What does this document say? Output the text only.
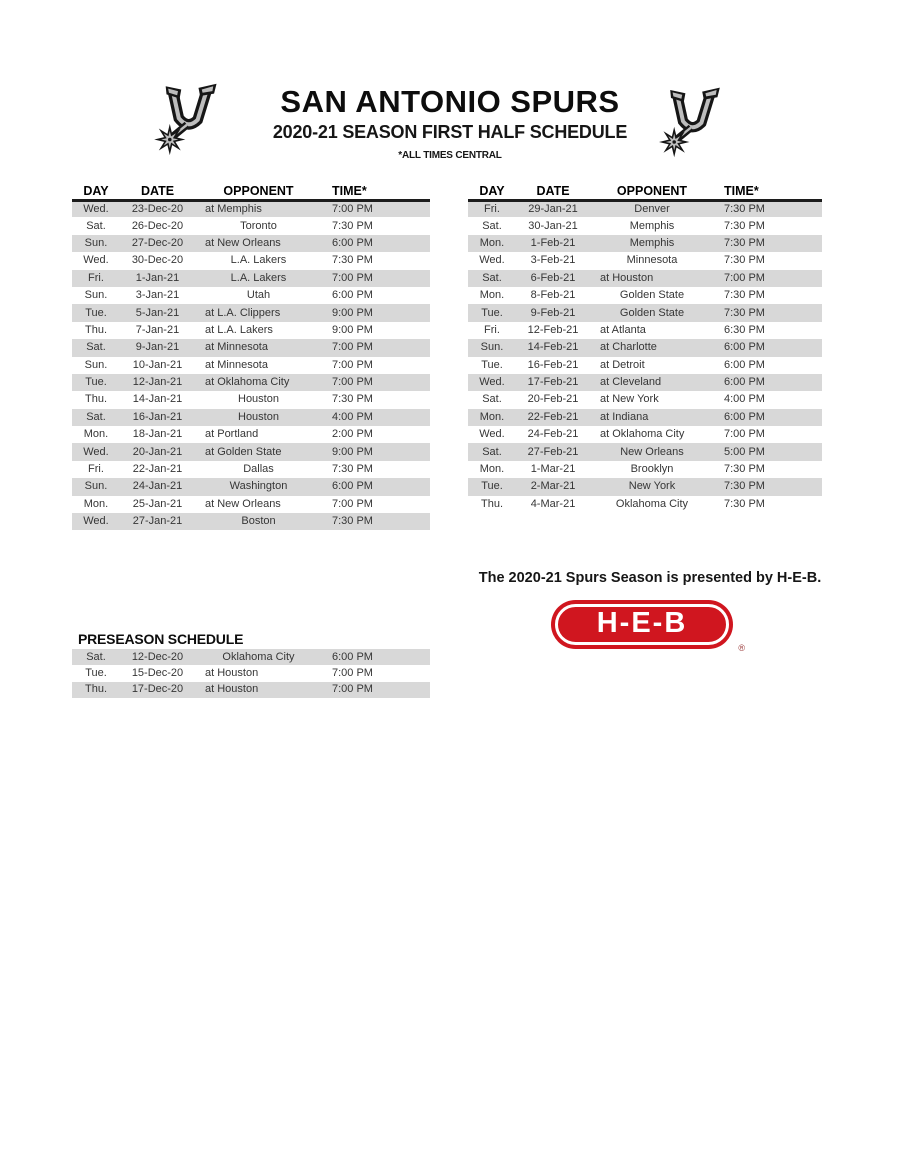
SAN ANTONIO SPURS
2020-21 SEASON FIRST HALF SCHEDULE
*ALL TIMES CENTRAL
DAY	DATE	OPPONENT	TIME*
Wed.	23-Dec-20	at Memphis	7:00 PM
Sat.	26-Dec-20	Toronto	7:30 PM
Sun.	27-Dec-20	at New Orleans	6:00 PM
Wed.	30-Dec-20	L.A. Lakers	7:30 PM
Fri.	1-Jan-21	L.A. Lakers	7:00 PM
Sun.	3-Jan-21	Utah	6:00 PM
Tue.	5-Jan-21	at L.A. Clippers	9:00 PM
Thu.	7-Jan-21	at L.A. Lakers	9:00 PM
Sat.	9-Jan-21	at Minnesota	7:00 PM
Sun.	10-Jan-21	at Minnesota	7:00 PM
Tue.	12-Jan-21	at Oklahoma City	7:00 PM
Thu.	14-Jan-21	Houston	7:30 PM
Sat.	16-Jan-21	Houston	4:00 PM
Mon.	18-Jan-21	at Portland	2:00 PM
Wed.	20-Jan-21	at Golden State	9:00 PM
Fri.	22-Jan-21	Dallas	7:30 PM
Sun.	24-Jan-21	Washington	6:00 PM
Mon.	25-Jan-21	at New Orleans	7:00 PM
Wed.	27-Jan-21	Boston	7:30 PM
DAY	DATE	OPPONENT	TIME*
Fri.	29-Jan-21	Denver	7:30 PM
Sat.	30-Jan-21	Memphis	7:30 PM
Mon.	1-Feb-21	Memphis	7:30 PM
Wed.	3-Feb-21	Minnesota	7:30 PM
Sat.	6-Feb-21	at Houston	7:00 PM
Mon.	8-Feb-21	Golden State	7:30 PM
Tue.	9-Feb-21	Golden State	7:30 PM
Fri.	12-Feb-21	at Atlanta	6:30 PM
Sun.	14-Feb-21	at Charlotte	6:00 PM
Tue.	16-Feb-21	at Detroit	6:00 PM
Wed.	17-Feb-21	at Cleveland	6:00 PM
Sat.	20-Feb-21	at New York	4:00 PM
Mon.	22-Feb-21	at Indiana	6:00 PM
Wed.	24-Feb-21	at Oklahoma City	7:00 PM
Sat.	27-Feb-21	New Orleans	5:00 PM
Mon.	1-Mar-21	Brooklyn	7:30 PM
Tue.	2-Mar-21	New York	7:30 PM
Thu.	4-Mar-21	Oklahoma City	7:30 PM
The 2020-21 Spurs Season is presented by H-E-B.
H-E-B
®
PRESEASON SCHEDULE
Sat.	12-Dec-20	Oklahoma City	6:00 PM
Tue.	15-Dec-20	at Houston	7:00 PM
Thu.	17-Dec-20	at Houston	7:00 PM
